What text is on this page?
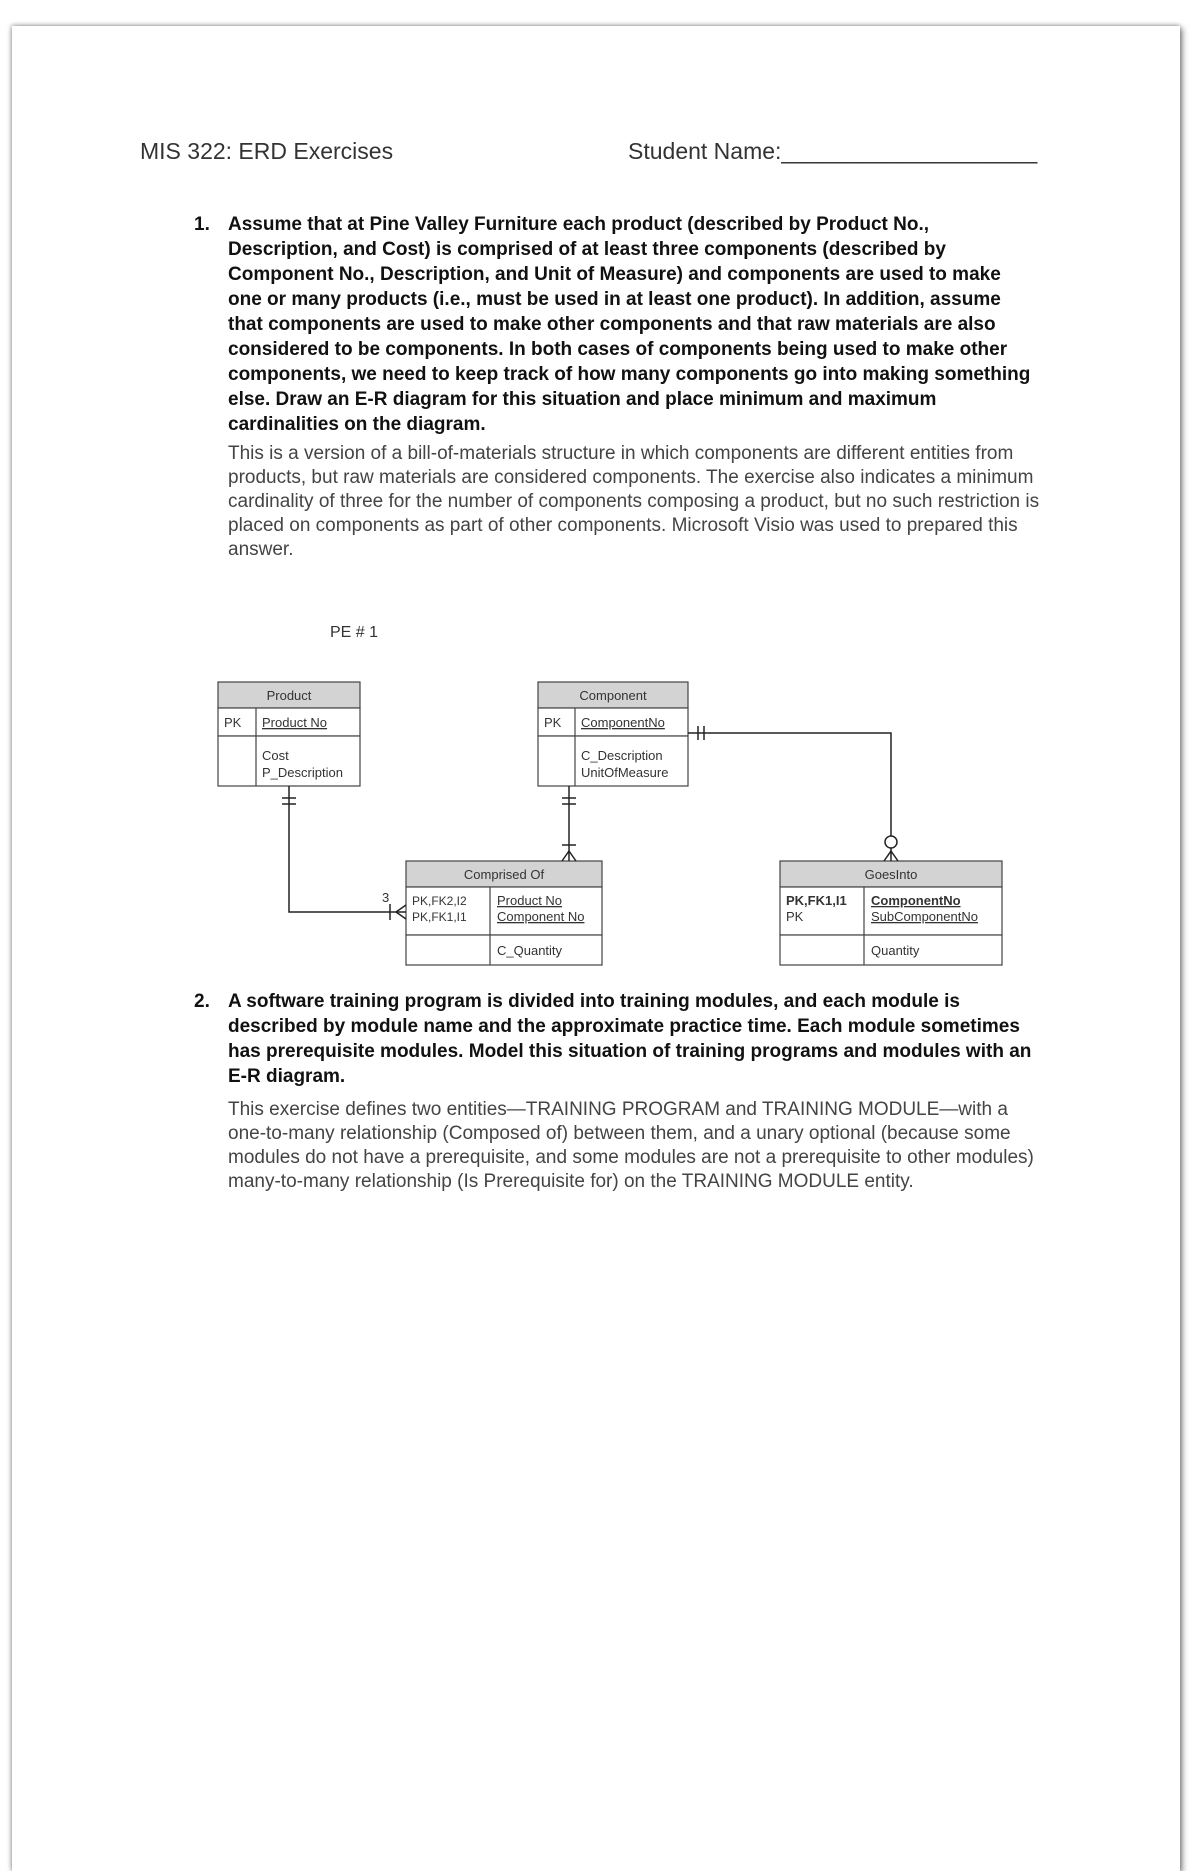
MIS 322: ERD Exercises	Student Name:____________________
1. Assume that at Pine Valley Furniture each product (described by Product No., Description, and Cost) is comprised of at least three components (described by Component No., Description, and Unit of Measure) and components are used to make one or many products (i.e., must be used in at least one product). In addition, assume that components are used to make other components and that raw materials are also considered to be components. In both cases of components being used to make other components, we need to keep track of how many components go into making something else. Draw an E-R diagram for this situation and place minimum and maximum cardinalities on the diagram.
This is a version of a bill-of-materials structure in which components are different entities from products, but raw materials are considered components. The exercise also indicates a minimum cardinality of three for the number of components composing a product, but no such restriction is placed on components as part of other components. Microsoft Visio was used to prepared this answer.
PE # 1
Product
PK Product No
Cost
P_Description
Component
PK ComponentNo
C_Description
UnitOfMeasure
Comprised Of
PK,FK2,I2
PK,FK1,I1
Product No
Component No
C_Quantity
GoesInto
PK,FK1,I1
PK
ComponentNo
SubComponentNo
Quantity
3
2. A software training program is divided into training modules, and each module is described by module name and the approximate practice time. Each module sometimes has prerequisite modules. Model this situation of training programs and modules with an E-R diagram.
This exercise defines two entities—TRAINING PROGRAM and TRAINING MODULE—with a one-to-many relationship (Composed of) between them, and a unary optional (because some modules do not have a prerequisite, and some modules are not a prerequisite to other modules) many-to-many relationship (Is Prerequisite for) on the TRAINING MODULE entity.
